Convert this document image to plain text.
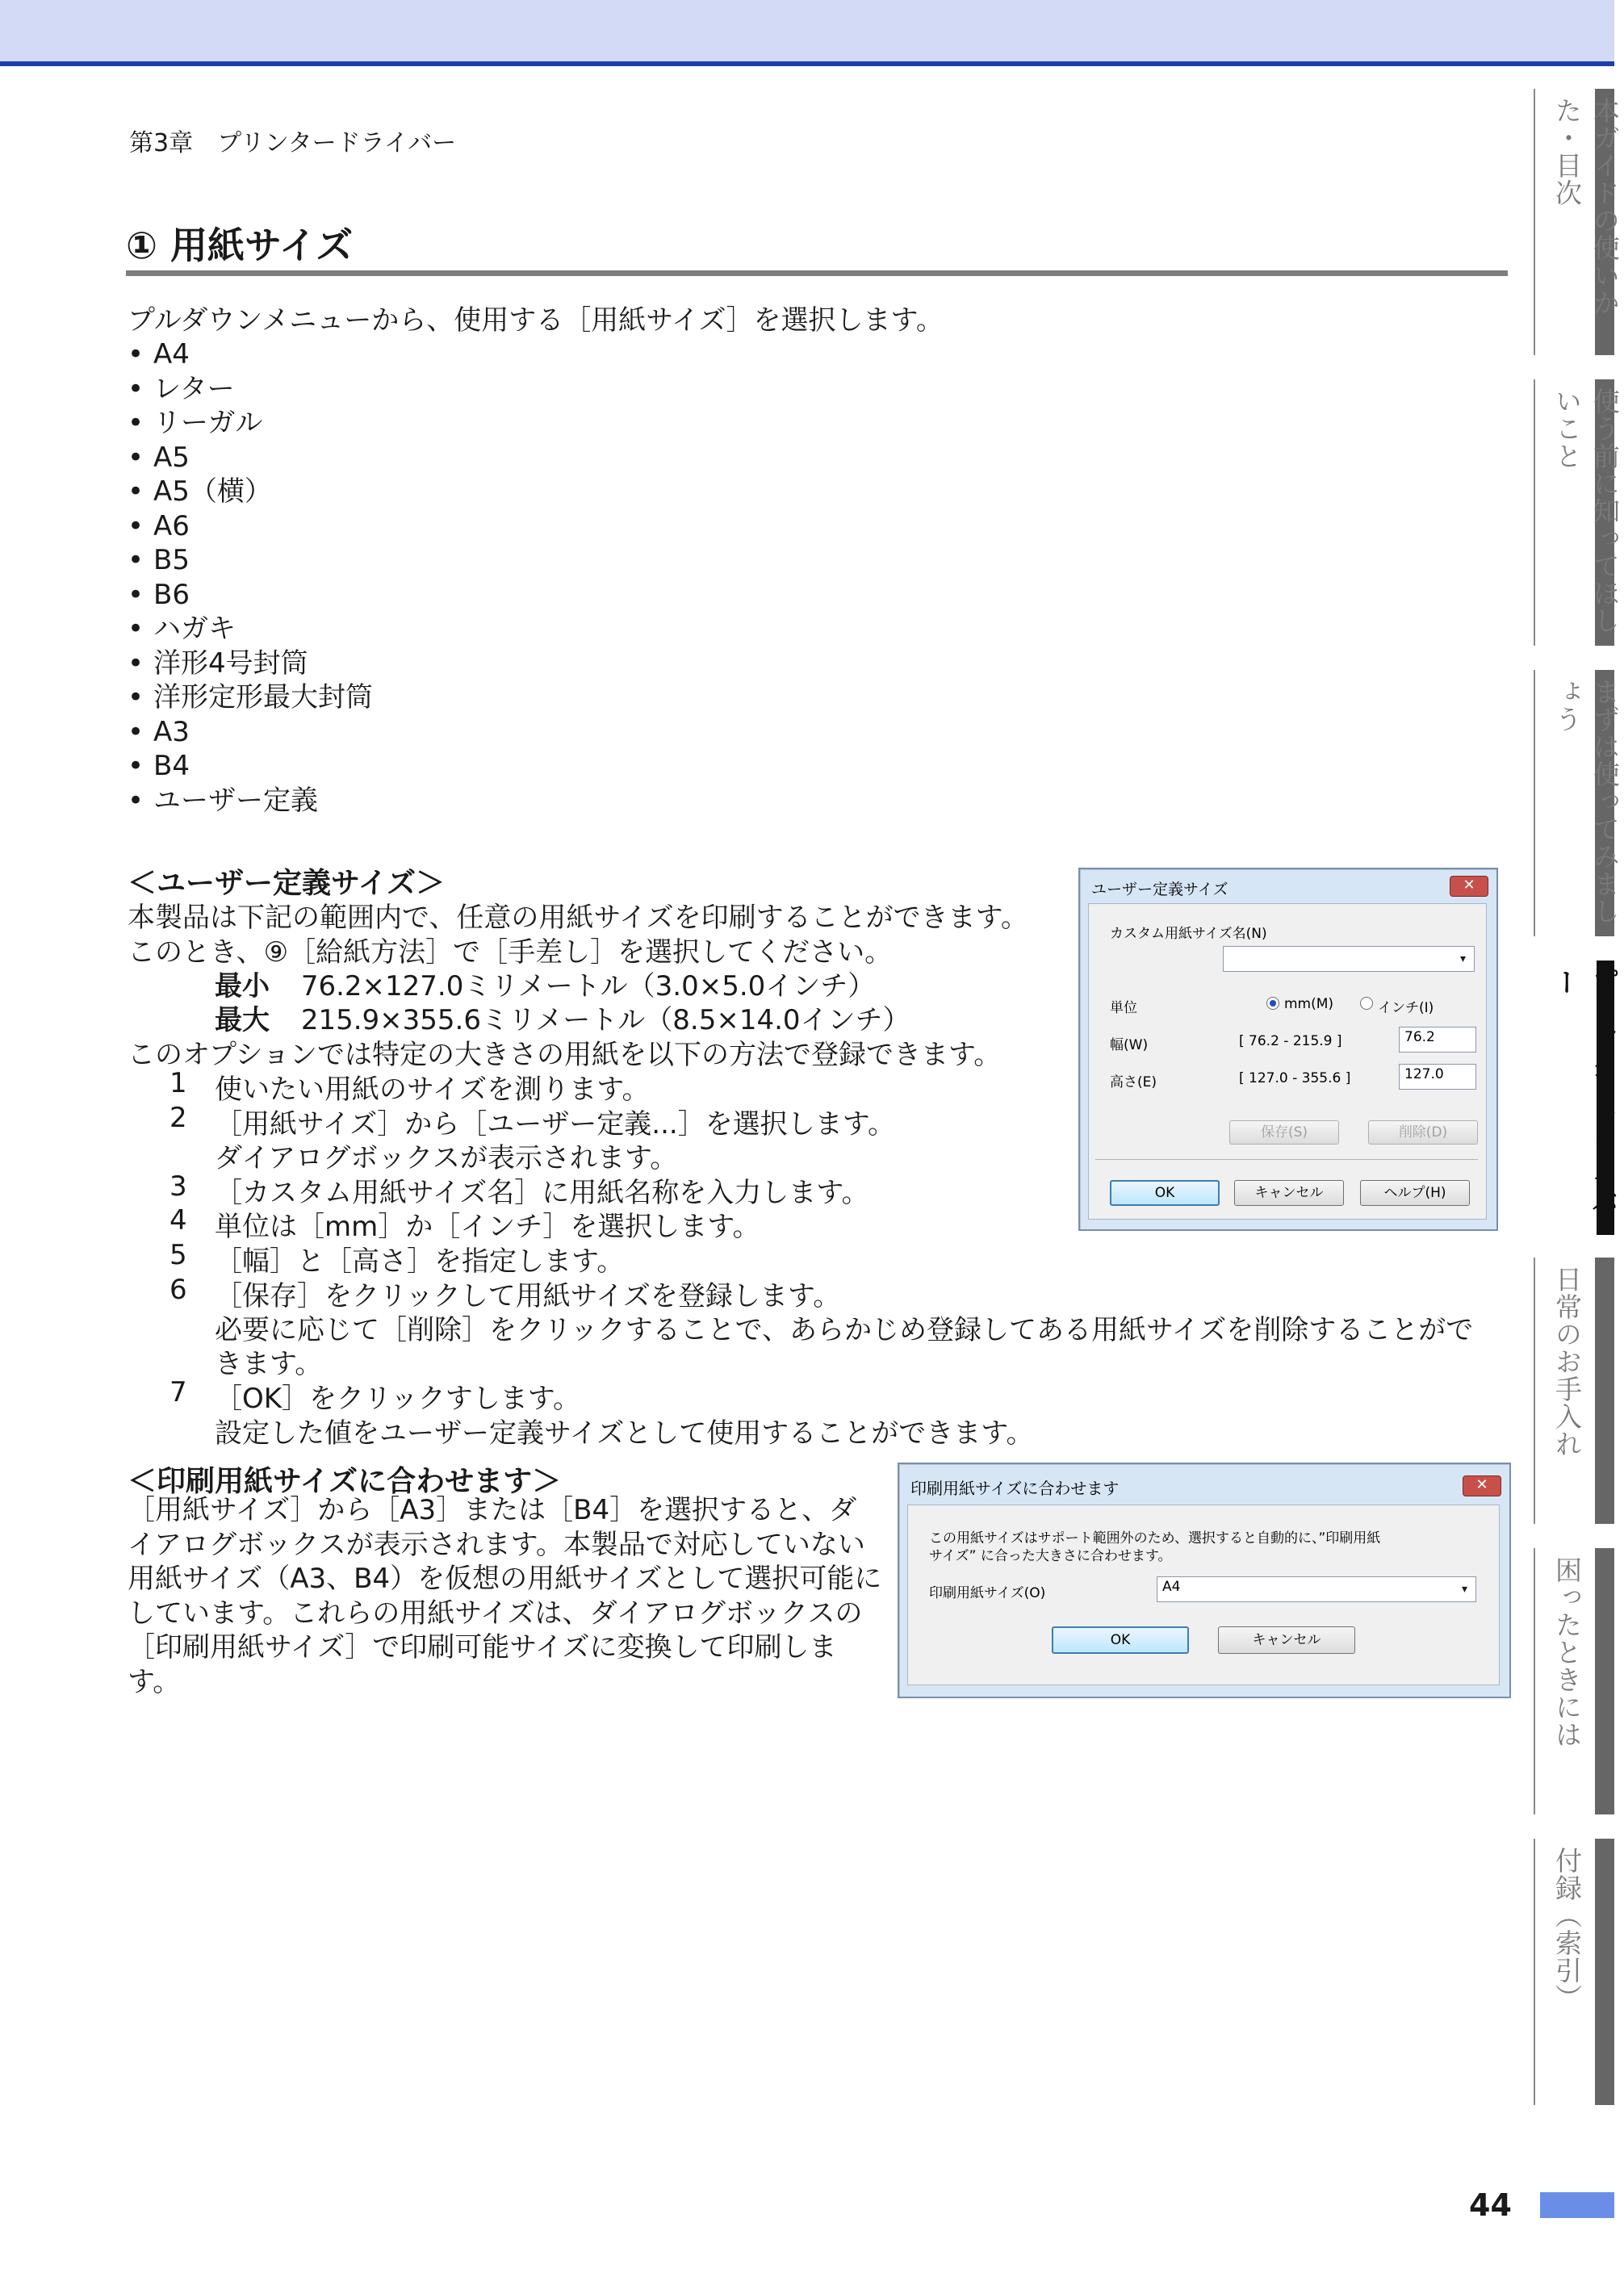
第3章　プリンタードライバー
① 用紙サイズ
プルダウンメニューから、使用する［用紙サイズ］を選択します。
• A4
• レター
• リーガル
• A5
• A5（横）
• A6
• B5
• B6
• ハガキ
• 洋形4号封筒
• 洋形定形最大封筒
• A3
• B4
• ユーザー定義
＜ユーザー定義サイズ＞
本製品は下記の範囲内で、任意の用紙サイズを印刷することができます。
このとき、⑨［給紙方法］で［手差し］を選択してください。
最小 76.2×127.0ミリメートル（3.0×5.0インチ）
最大 215.9×355.6ミリメートル（8.5×14.0インチ）
このオプションでは特定の大きさの用紙を以下の方法で登録できます。
1 使いたい用紙のサイズを測ります。
2 ［用紙サイズ］から［ユーザー定義...］を選択します。
ダイアログボックスが表示されます。
3 ［カスタム用紙サイズ名］に用紙名称を入力します。
4 単位は［mm］か［インチ］を選択します。
5 ［幅］と［高さ］を指定します。
6 ［保存］をクリックして用紙サイズを登録します。
必要に応じて［削除］をクリックすることで、あらかじめ登録してある用紙サイズを削除することがで
きます。
7 ［OK］をクリックすします。
設定した値をユーザー定義サイズとして使用することができます。
ユーザー定義サイズ	✕
カスタム用紙サイズ名(N)
▾
単位	mm(M)	インチ(I)
幅(W)	[ 76.2 - 215.9 ]	76.2
高さ(E)	[ 127.0 - 355.6 ]	127.0
保存(S)	削除(D)
OK	キャンセル	ヘルプ(H)
＜印刷用紙サイズに合わせます＞
［用紙サイズ］から［A3］または［B4］を選択すると、ダイアログボックスが表示されます。本製品で対応していない用紙サイズ（A3、B4）を仮想の用紙サイズとして選択可能にしています。これらの用紙サイズは、ダイアログボックスの［印刷用紙サイズ］で印刷可能サイズに変換して印刷します。
印刷用紙サイズに合わせます	✕
この用紙サイズはサポート範囲外のため、選択すると自動的に、”印刷用紙
サイズ” に合った大きさに合わせます。
印刷用紙サイズ(O)	A4	▾
OK	キャンセル
本ガイドの使いかた・目次
使う前に知ってほしいこと
まずは使ってみましょう
プリンタードライバー
日常のお手入れ
困ったときには
付録（索引）
44
